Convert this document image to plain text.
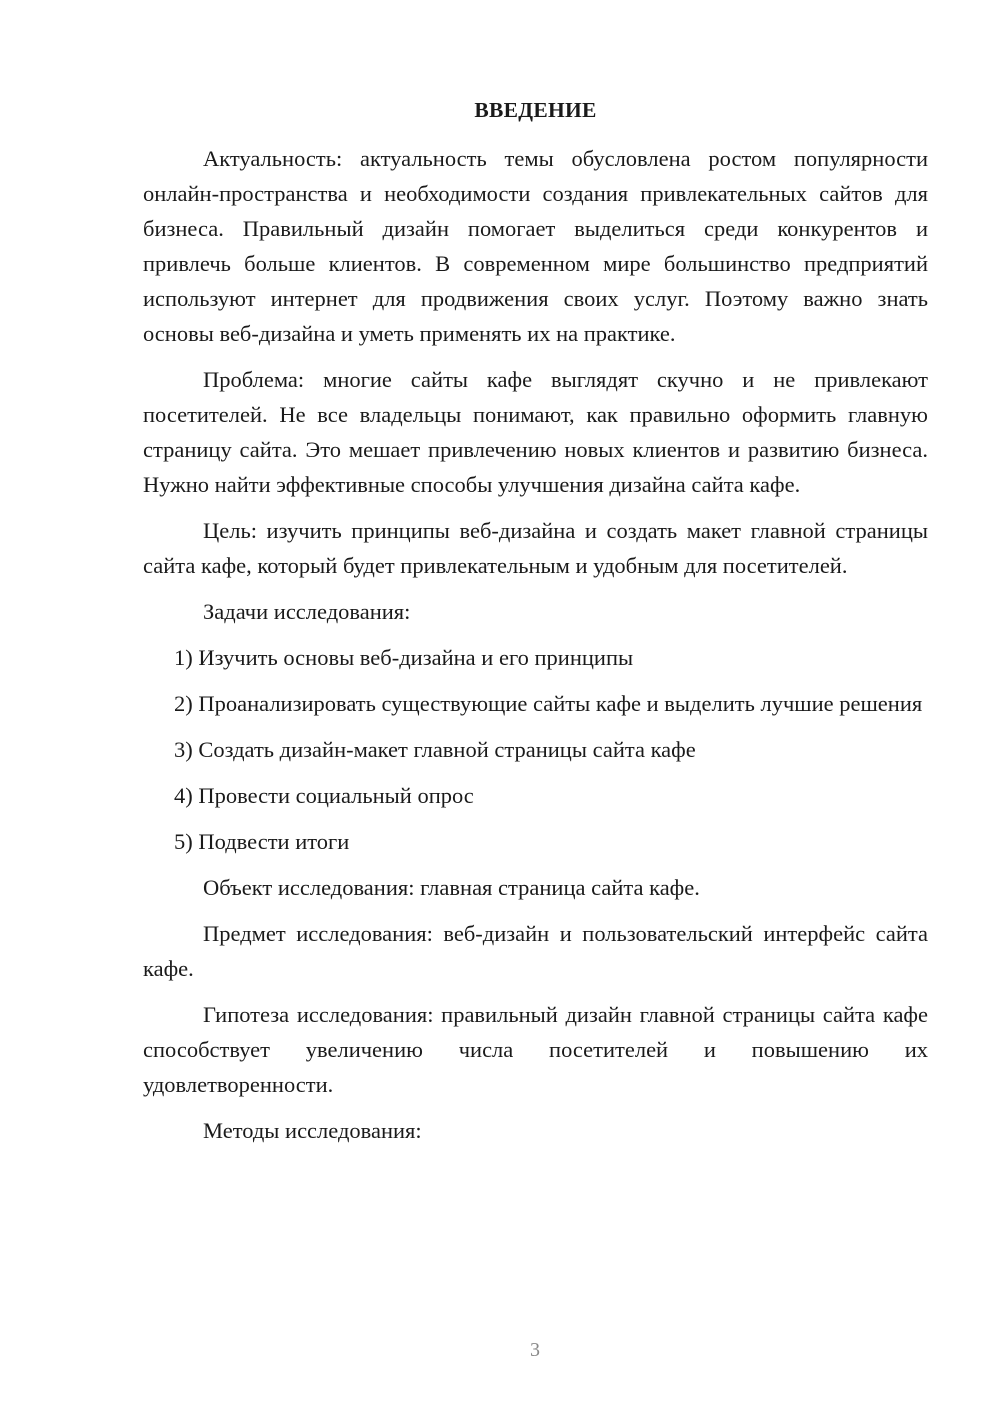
ВВЕДЕНИЕ

Актуальность: актуальность темы обусловлена ростом популярности онлайн-пространства и необходимости создания привлекательных сайтов для бизнеса. Правильный дизайн помогает выделиться среди конкурентов и привлечь больше клиентов. В современном мире большинство предприятий используют интернет для продвижения своих услуг. Поэтому важно знать основы веб-дизайна и уметь применять их на практике.

Проблема: многие сайты кафе выглядят скучно и не привлекают посетителей. Не все владельцы понимают, как правильно оформить главную страницу сайта. Это мешает привлечению новых клиентов и развитию бизнеса. Нужно найти эффективные способы улучшения дизайна сайта кафе.

Цель: изучить принципы веб-дизайна и создать макет главной страницы сайта кафе, который будет привлекательным и удобным для посетителей.

Задачи исследования:

1) Изучить основы веб-дизайна и его принципы

2) Проанализировать существующие сайты кафе и выделить лучшие решения

3) Создать дизайн-макет главной страницы сайта кафе

4) Провести социальный опрос

5) Подвести итоги

Объект исследования: главная страница сайта кафе.

Предмет исследования: веб-дизайн и пользовательский интерфейс сайта кафе.

Гипотеза исследования: правильный дизайн главной страницы сайта кафе способствует увеличению числа посетителей и повышению их удовлетворенности.

Методы исследования:

3
